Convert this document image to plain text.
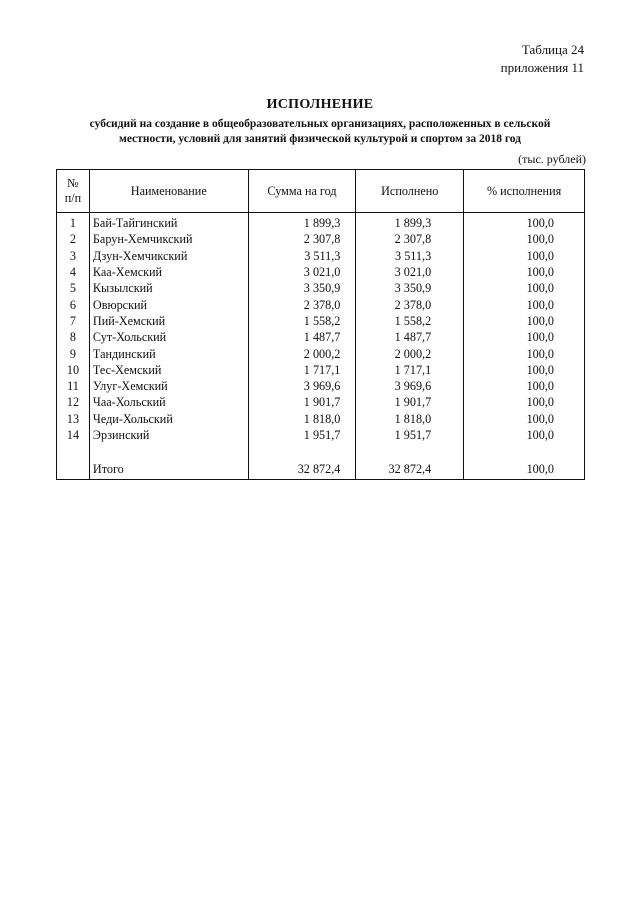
Таблица 24
приложения 11
ИСПОЛНЕНИЕ
субсидий на создание в общеобразовательных организациях, расположенных в сельской
местности, условий для занятий физической культурой и спортом за 2018 год
(тыс. рублей)
№
п/п	Наименование	Сумма на год	Исполнено	% исполнения
1	Бай-Тайгинский	1 899,3	1 899,3	100,0
2	Барун-Хемчикский	2 307,8	2 307,8	100,0
3	Дзун-Хемчикский	3 511,3	3 511,3	100,0
4	Каа-Хемский	3 021,0	3 021,0	100,0
5	Кызылский	3 350,9	3 350,9	100,0
6	Овюрский	2 378,0	2 378,0	100,0
7	Пий-Хемский	1 558,2	1 558,2	100,0
8	Сут-Хольский	1 487,7	1 487,7	100,0
9	Тандинский	2 000,2	2 000,2	100,0
10	Тес-Хемский	1 717,1	1 717,1	100,0
11	Улуг-Хемский	3 969,6	3 969,6	100,0
12	Чаа-Хольский	1 901,7	1 901,7	100,0
13	Чеди-Хольский	1 818,0	1 818,0	100,0
14	Эрзинский	1 951,7	1 951,7	100,0

	Итого	32 872,4	32 872,4	100,0
